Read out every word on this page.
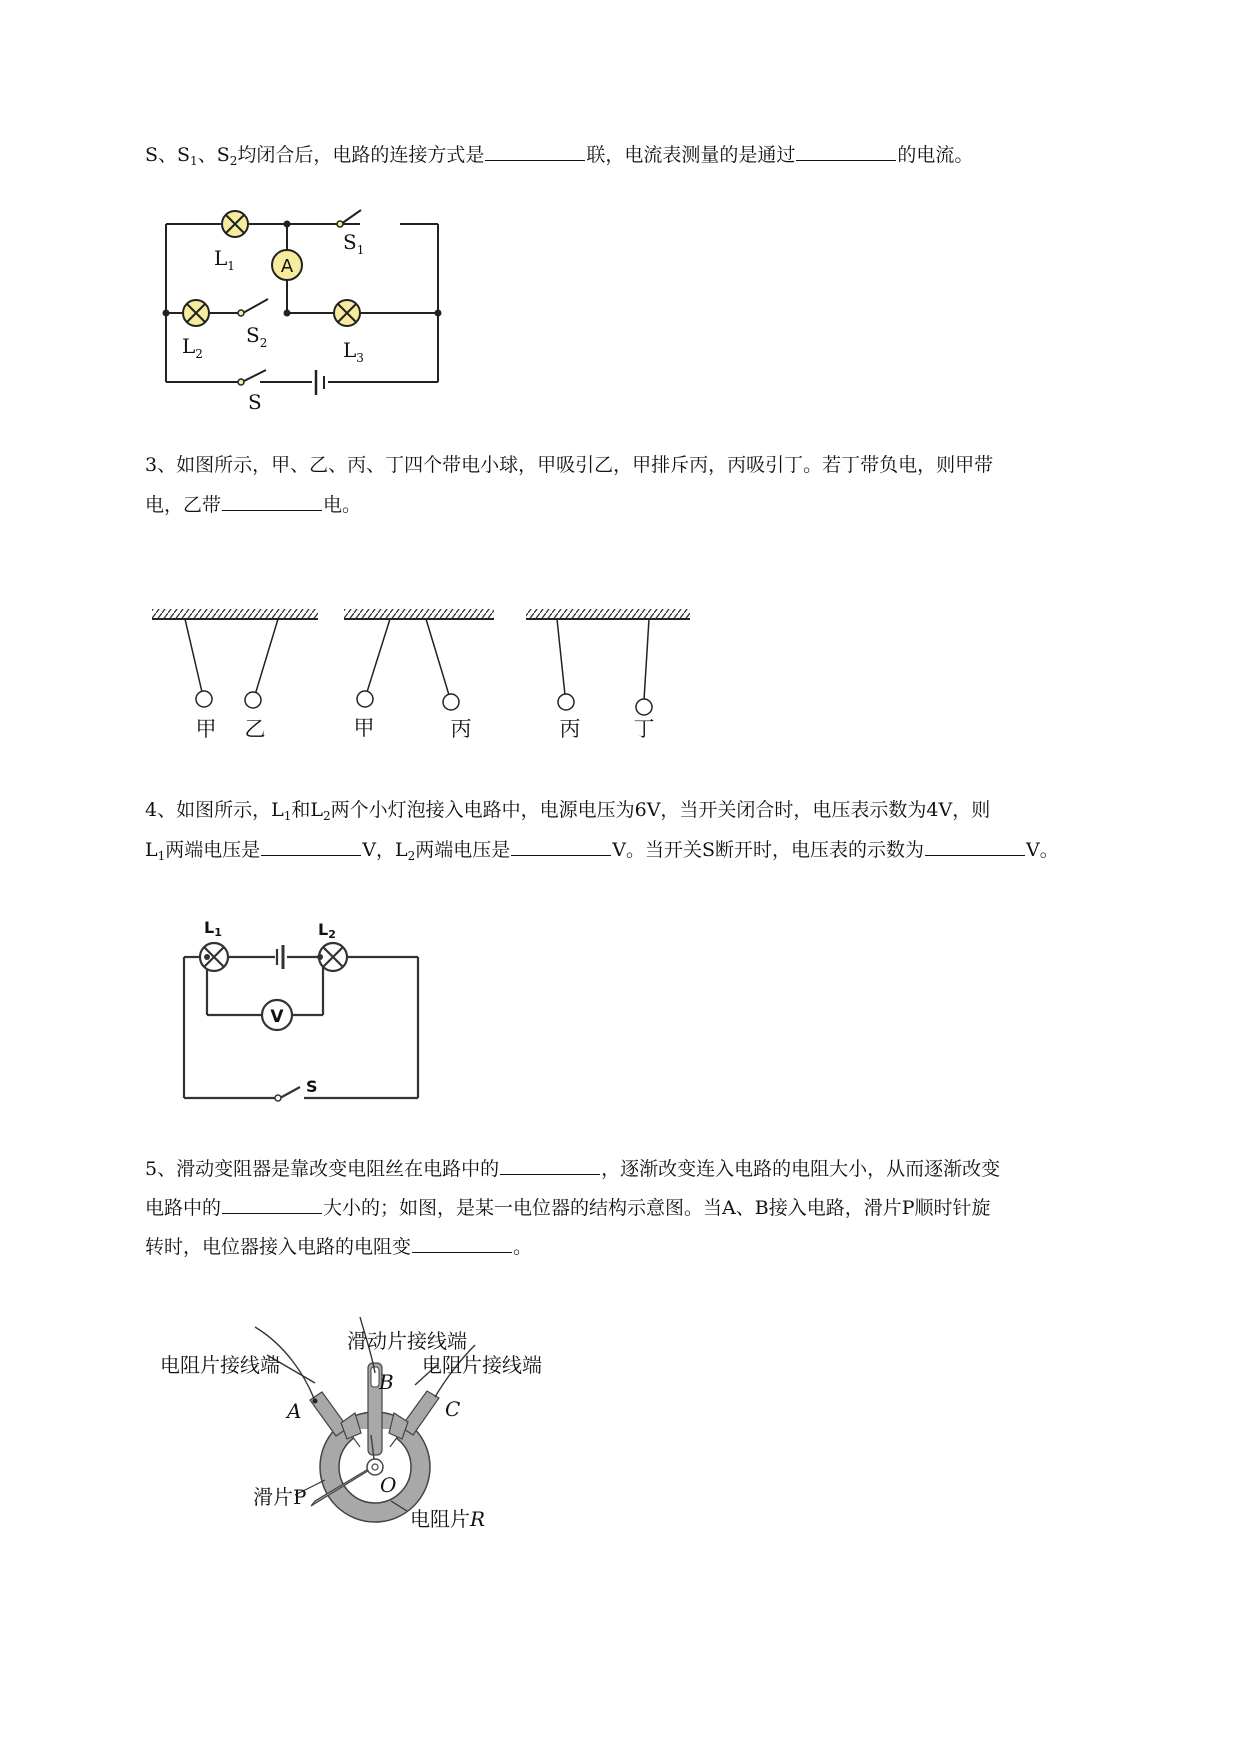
S、$S_1$、$S_2$均闭合后，电路的连接方式是	联，电流表测量的是通过	的电流。
A
$L_1$
$S_1$
$L_2$
$S_2$	$L_3$
S
3、如图所示，甲、乙、丙、丁四个带电小球，甲吸引乙，甲排斥丙，丙吸引丁。若丁带负电，则甲带
电，乙带	电。
甲 乙	甲	丙	丙	丁
4、如图所示，$L_1$和$L_2$两个小灯泡接入电路中，电源电压为6V，当开关闭合时，电压表示数为4V，则
$L_1$两端电压是	V，$L_2$两端电压是	V。当开关S断开时，电压表的示数为	V。
V
L1	L2
S
5、滑动变阻器是靠改变电阻丝在电路中的	，逐渐改变连入电路的电阻大小，从而逐渐改变
电路中的	大小的；如图，是某一电位器的结构示意图。当A、B接入电路，滑片P顺时针旋
转时，电位器接入电路的电阻变	。
滑动片接线端
电阻片接线端	电阻片接线端
A
B
C
O
滑片P
电阻片R
